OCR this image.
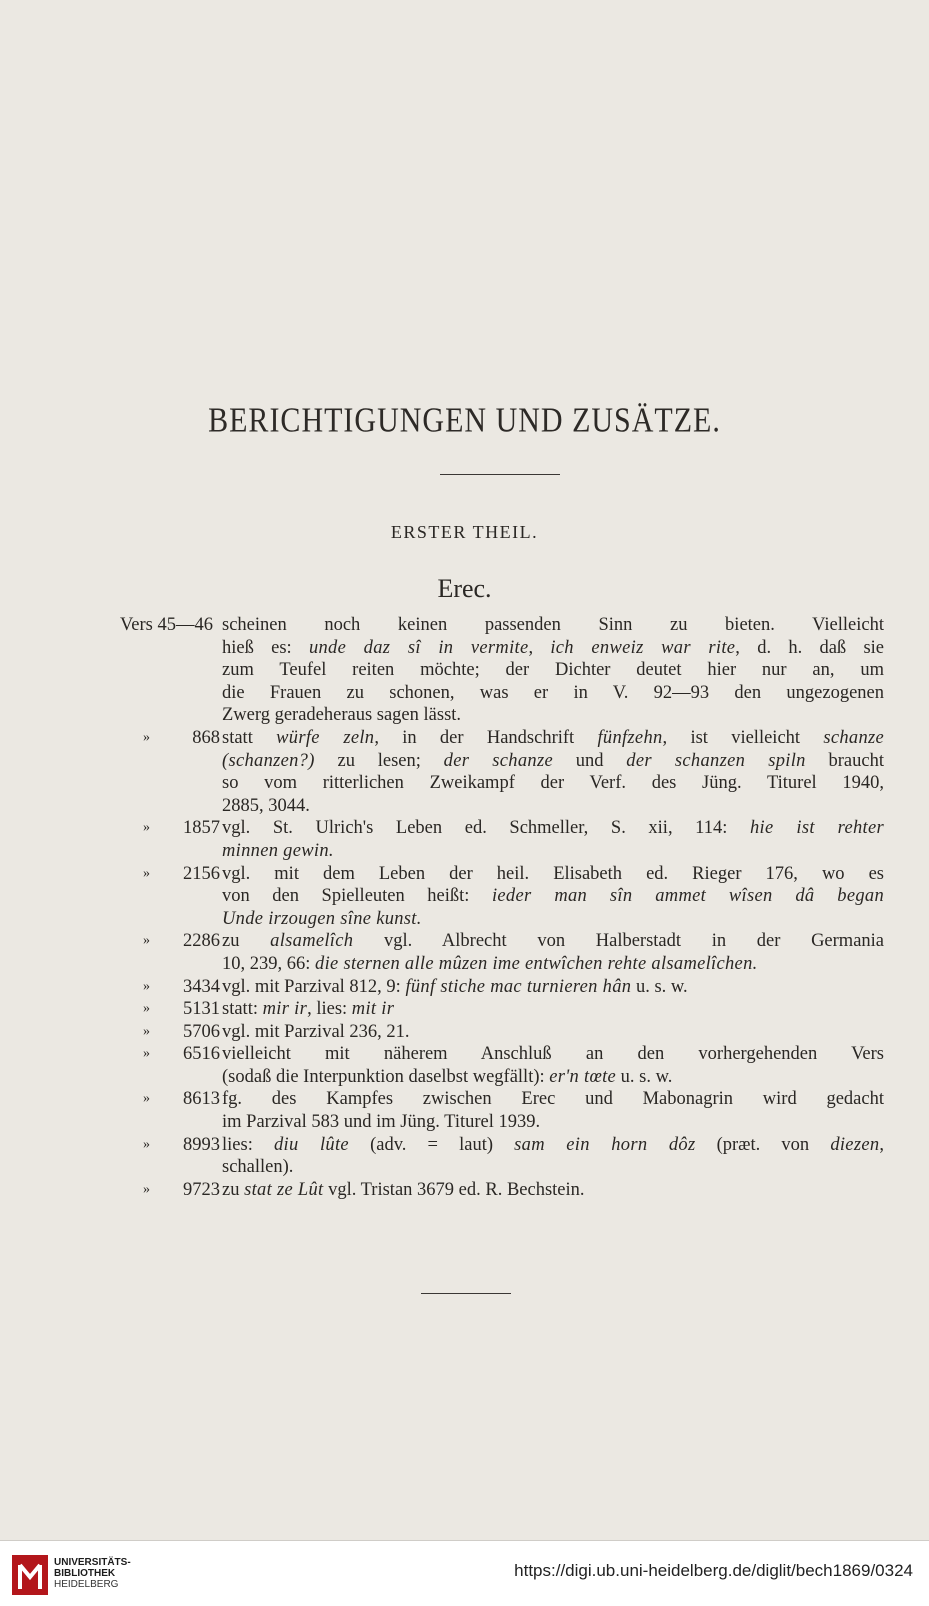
BERICHTIGUNGEN UND ZUSÄTZE.
ERSTER THEIL.
Erec.
Vers 45—46 scheinen noch keinen passenden Sinn zu bieten. Vielleicht
hieß es: unde daz sî in vermite, ich enweiz war rite, d. h. daß sie
zum Teufel reiten möchte; der Dichter deutet hier nur an, um
die Frauen zu schonen, was er in V. 92—93 den ungezogenen
Zwerg geradeheraus sagen lässt.
» 868 statt würfe zeln, in der Handschrift fünfzehn, ist vielleicht schanze
(schanzen?) zu lesen; der schanze und der schanzen spiln braucht
so vom ritterlichen Zweikampf der Verf. des Jüng. Titurel 1940,
2885, 3044.
» 1857 vgl. St. Ulrich's Leben ed. Schmeller, S. xii, 114: hie ist rehter
minnen gewin.
» 2156 vgl. mit dem Leben der heil. Elisabeth ed. Rieger 176, wo es
von den Spielleuten heißt: ieder man sîn ammet wîsen dâ began
Unde irzougen sîne kunst.
» 2286 zu alsamelîch vgl. Albrecht von Halberstadt in der Germania
10, 239, 66: die sternen alle mûzen ime entwîchen rehte alsamelîchen.
» 3434 vgl. mit Parzival 812, 9: fünf stiche mac turnieren hân u. s. w.
» 5131 statt: mir ir, lies: mit ir
» 5706 vgl. mit Parzival 236, 21.
» 6516 vielleicht mit näherem Anschluß an den vorhergehenden Vers
(sodaß die Interpunktion daselbst wegfällt): er'n tœte u. s. w.
» 8613 fg. des Kampfes zwischen Erec und Mabonagrin wird gedacht
im Parzival 583 und im Jüng. Titurel 1939.
» 8993 lies: diu lûte (adv. = laut) sam ein horn dôz (præt. von diezen,
schallen).
» 9723 zu stat ze Lût vgl. Tristan 3679 ed. R. Bechstein.
UNIVERSITÄTS-
BIBLIOTHEK
HEIDELBERG
https://digi.ub.uni-heidelberg.de/diglit/bech1869/0324
